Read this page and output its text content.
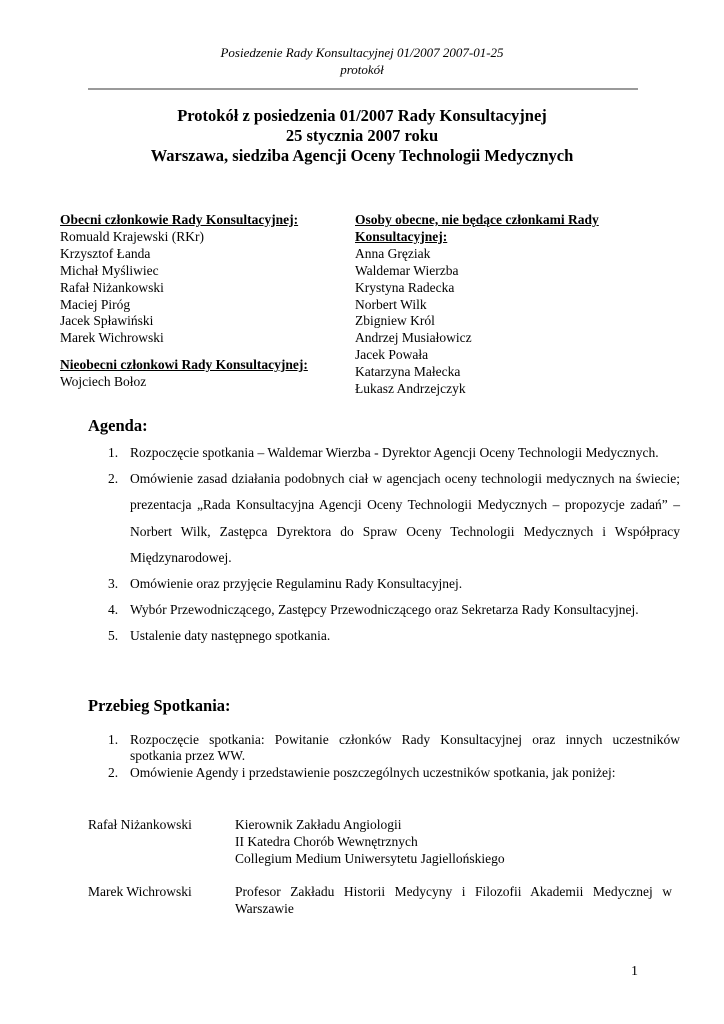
Posiedzenie Rady Konsultacyjnej 01/2007 2007-01-25
protokół
Protokół z posiedzenia 01/2007 Rady Konsultacyjnej
25 stycznia 2007 roku
Warszawa, siedziba Agencji Oceny Technologii Medycznych
Obecni członkowie Rady Konsultacyjnej:
Romuald Krajewski (RKr)
Krzysztof Łanda
Michał Myśliwiec
Rafał Niżankowski
Maciej Piróg
Jacek Spławiński
Marek Wichrowski
Nieobecni członkowi Rady Konsultacyjnej:
Wojciech Bołoz
Osoby obecne, nie będące członkami Rady Konsultacyjnej:
Anna Gręziak
Waldemar Wierzba
Krystyna Radecka
Norbert Wilk
Zbigniew Król
Andrzej Musiałowicz
Jacek Powała
Katarzyna Małecka
Łukasz Andrzejczyk
Agenda:
1. Rozpoczęcie spotkania – Waldemar Wierzba - Dyrektor Agencji Oceny Technologii Medycznych.
2. Omówienie zasad działania podobnych ciał w agencjach oceny technologii medycznych na świecie; prezentacja „Rada Konsultacyjna Agencji Oceny Technologii Medycznych – propozycje zadań” – Norbert Wilk, Zastępca Dyrektora do Spraw Oceny Technologii Medycznych i Współpracy Międzynarodowej.
3. Omówienie oraz przyjęcie Regulaminu Rady Konsultacyjnej.
4. Wybór Przewodniczącego, Zastępcy Przewodniczącego oraz Sekretarza Rady Konsultacyjnej.
5. Ustalenie daty następnego spotkania.
Przebieg Spotkania:
1. Rozpoczęcie spotkania: Powitanie członków Rady Konsultacyjnej oraz innych uczestników spotkania przez WW.
2. Omówienie Agendy i przedstawienie poszczególnych uczestników spotkania, jak poniżej:
Rafał Niżankowski	Kierownik Zakładu Angiologii
II Katedra Chorób Wewnętrznych
Collegium Medium Uniwersytetu Jagiellońskiego
Marek Wichrowski	Profesor Zakładu Historii Medycyny i Filozofii Akademii Medycznej w Warszawie
1
